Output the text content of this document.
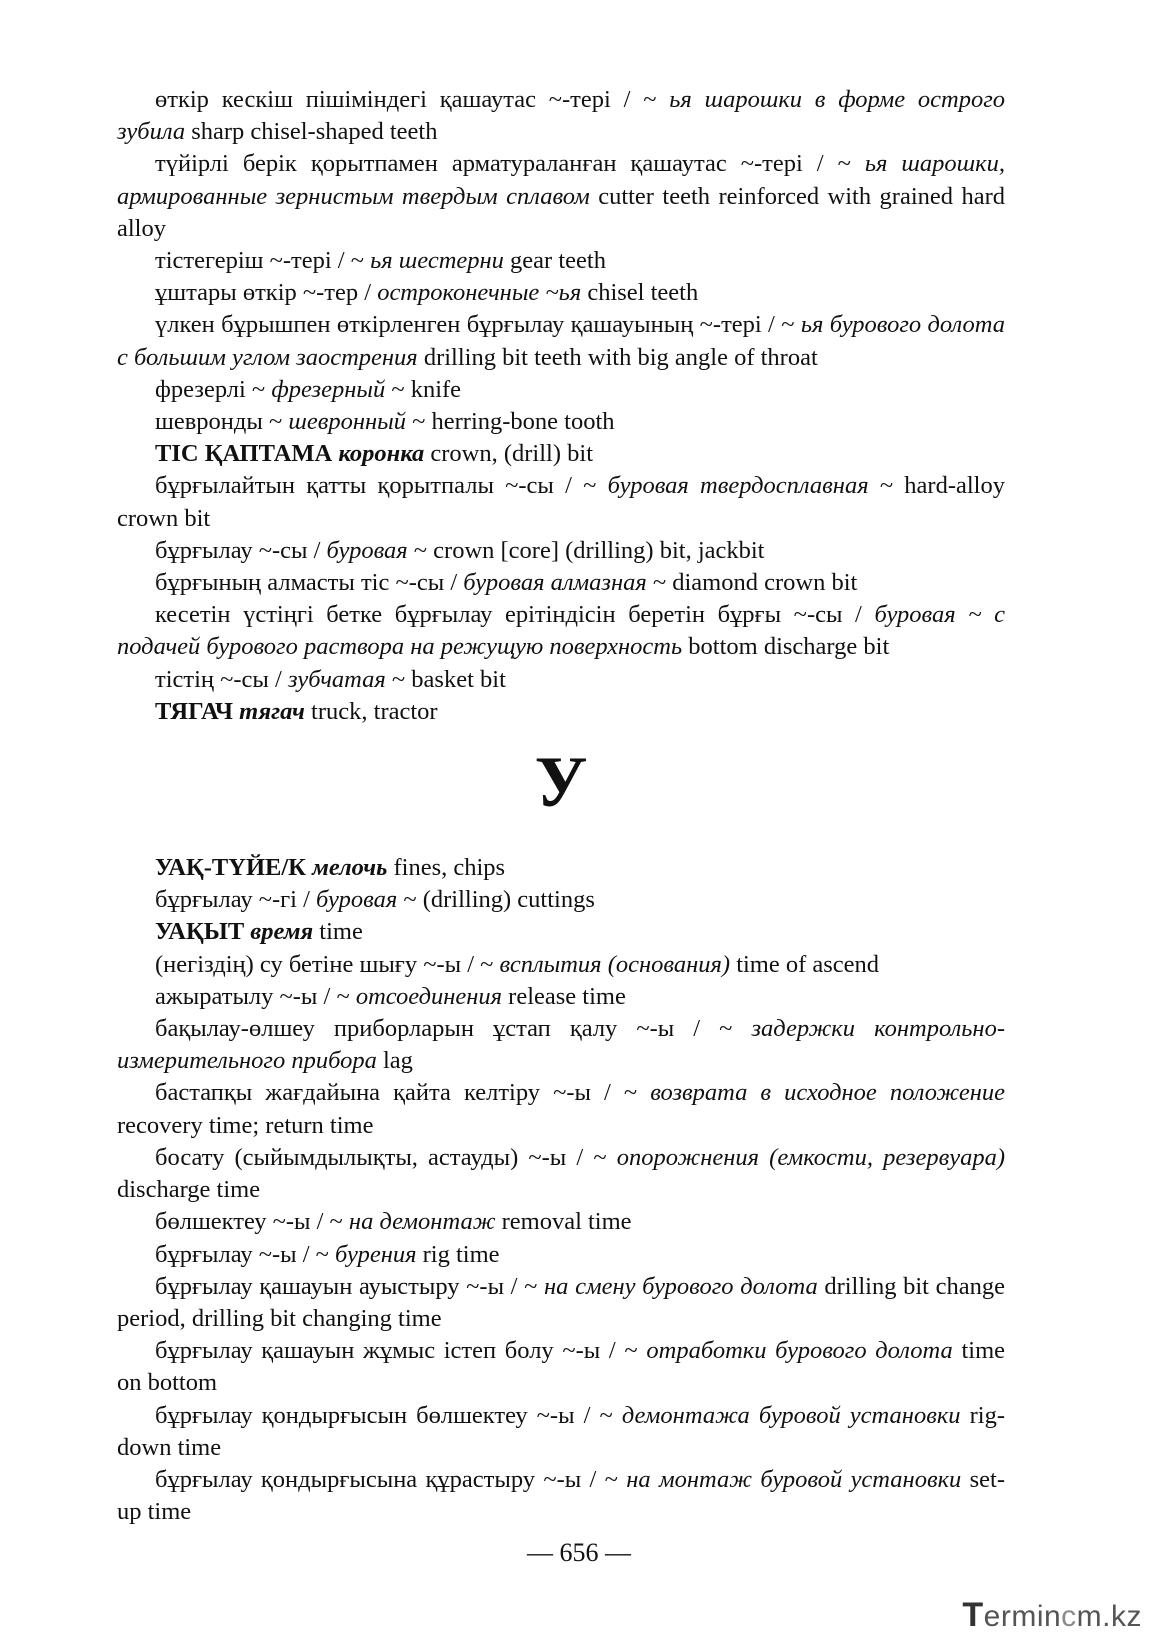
өткір кескіш пішіміндегі қашаутас ~-тері / ~ ья шарошки в форме острого зубила sharp chisel-shaped teeth

түйірлі берік қорытпамен арматураланған қашаутас ~-тері / ~ ья шарошки, армированные зернистым твердым сплавом cutter teeth reinforced with grained hard alloy

тістегеріш ~-тері / ~ ья шестерни gear teeth

ұштары өткір ~-тер / остроконечные ~ья chisel teeth

үлкен бұрышпен өткірленген бұрғылау қашауының ~-тері / ~ ья бурового долота с большим углом заострения drilling bit teeth with big angle of throat

фрезерлі ~ фрезерный ~ knife

шевронды ~ шевронный ~ herring-bone tooth

ТІС ҚАПТАМА коронка crown, (drill) bit

бұрғылайтын қатты қорытпалы ~-сы / ~ буровая твердосплавная ~ hard-alloy crown bit

бұрғылау ~-сы / буровая ~ crown [core] (drilling) bit, jackbit

бұрғының алмасты тіс ~-сы / буровая алмазная ~ diamond crown bit

кесетін үстіңгі бетке бұрғылау ерітіндісін беретін бұрғы ~-сы / буровая ~ с подачей бурового раствора на режущую поверхность bottom discharge bit

тістің ~-сы / зубчатая ~ basket bit

ТЯГАЧ тягач truck, tractor

У

УАҚ-ТҮЙЕ/К мелочь fines, chips

бұрғылау ~-гі / буровая ~ (drilling) cuttings

УАҚЫТ время time

(негіздің) су бетіне шығу ~-ы / ~ всплытия (основания) time of ascend

ажыратылу ~-ы / ~ отсоединения release time

бақылау-өлшеу приборларын ұстап қалу ~-ы / ~ задержки контрольно-измерительного прибора lag

бастапқы жағдайына қайта келтіру ~-ы / ~ возврата в исходное положение recovery time; return time

босату (сыйымдылықты, астауды) ~-ы / ~ опорожнения (емкости, резервуара) discharge time

бөлшектеу ~-ы / ~ на демонтаж removal time

бұрғылау ~-ы / ~ бурения rig time

бұрғылау қашауын ауыстыру ~-ы / ~ на смену бурового долота drilling bit change period, drilling bit changing time

бұрғылау қашауын жұмыс істеп болу ~-ы / ~ отработки бурового долота time on bottom

бұрғылау қондырғысын бөлшектеу ~-ы / ~ демонтажа буровой установки rig-down time

бұрғылау қондырғысына құрастыру ~-ы / ~ на монтаж буровой установки set-up time

— 656 —
Termincm.kz
